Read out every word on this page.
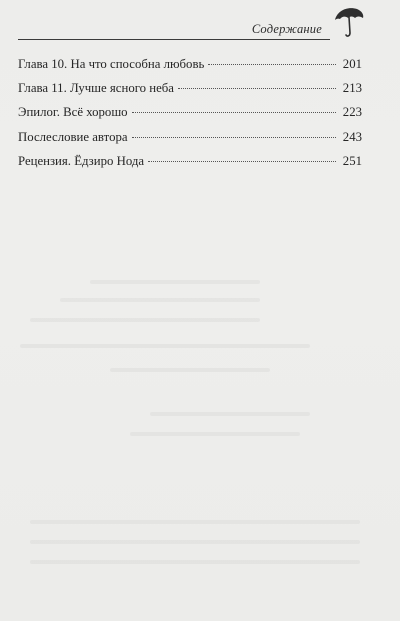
Содержание
Глава 10. На что способна любовь	201
Глава 11. Лучше ясного неба	213
Эпилог. Всё хорошо	223
Послесловие автора	243
Рецензия. Ёдзиро Нода	251
